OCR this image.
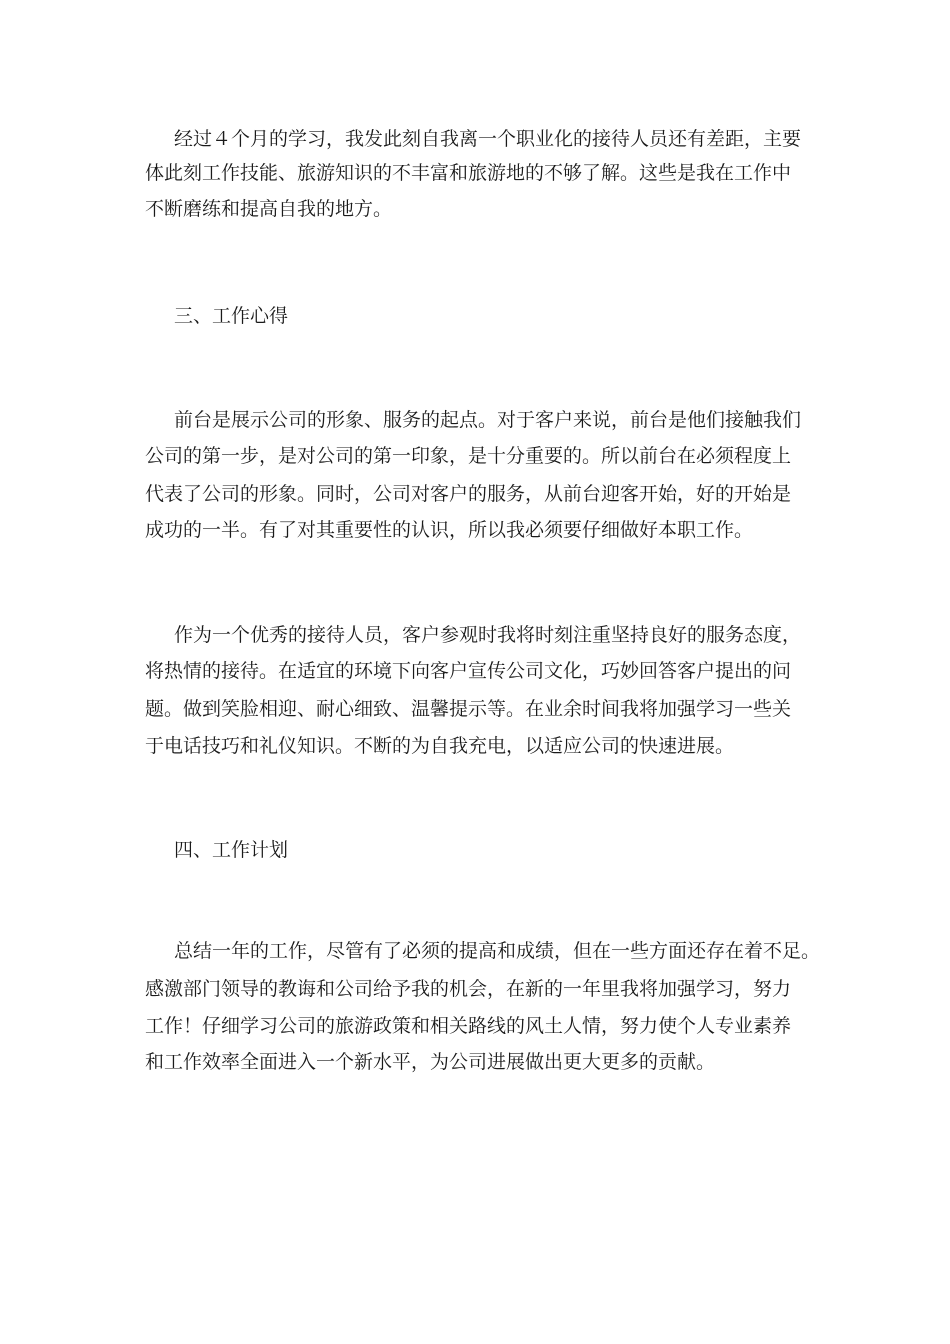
经过４个月的学习，我发此刻自我离一个职业化的接待人员还有差距，主要
体此刻工作技能、旅游知识的不丰富和旅游地的不够了解。这些是我在工作中
不断磨练和提高自我的地方。
三、工作心得
前台是展示公司的形象、服务的起点。对于客户来说，前台是他们接触我们
公司的第一步，是对公司的第一印象，是十分重要的。所以前台在必须程度上
代表了公司的形象。同时，公司对客户的服务，从前台迎客开始，好的开始是
成功的一半。有了对其重要性的认识，所以我必须要仔细做好本职工作。
作为一个优秀的接待人员，客户参观时我将时刻注重坚持良好的服务态度，
将热情的接待。在适宜的环境下向客户宣传公司文化，巧妙回答客户提出的问
题。做到笑脸相迎、耐心细致、温馨提示等。在业余时间我将加强学习一些关
于电话技巧和礼仪知识。不断的为自我充电，以适应公司的快速进展。
四、工作计划
总结一年的工作，尽管有了必须的提高和成绩，但在一些方面还存在着不足。
感激部门领导的教诲和公司给予我的机会，在新的一年里我将加强学习，努力
工作！仔细学习公司的旅游政策和相关路线的风土人情，努力使个人专业素养
和工作效率全面进入一个新水平，为公司进展做出更大更多的贡献。
